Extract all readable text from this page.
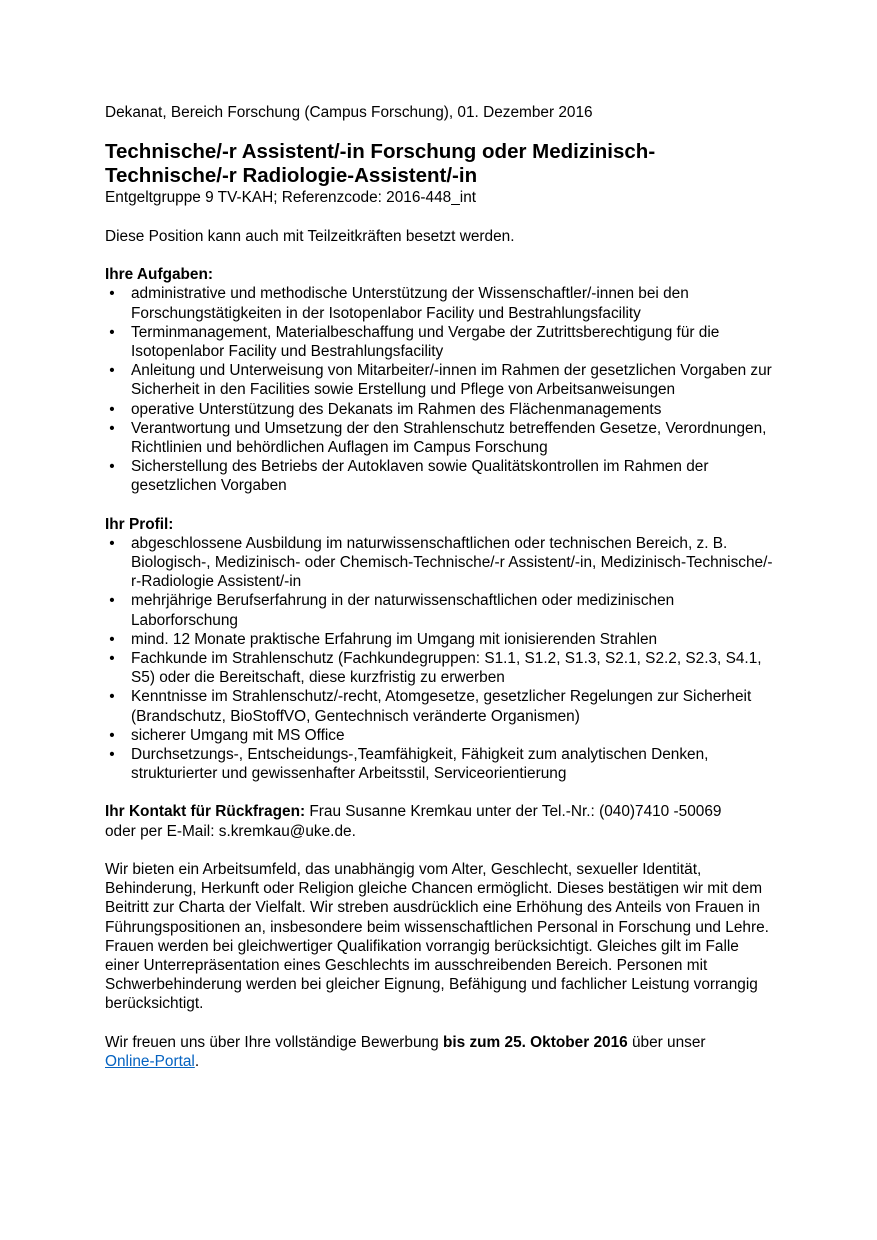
Dekanat, Bereich Forschung (Campus Forschung), 01. Dezember 2016

Technische/-r Assistent/-in Forschung oder Medizinisch-
Technische/-r Radiologie-Assistent/-in

Entgeltgruppe 9 TV-KAH; Referenzcode: 2016-448_int

Diese Position kann auch mit Teilzeitkräften besetzt werden.

Ihre Aufgaben:

• administrative und methodische Unterstützung der Wissenschaftler/-innen bei den Forschungstätigkeiten in der Isotopenlabor Facility und Bestrahlungsfacility
• Terminmanagement, Materialbeschaffung und Vergabe der Zutrittsberechtigung für die Isotopenlabor Facility und Bestrahlungsfacility
• Anleitung und Unterweisung von Mitarbeiter/-innen im Rahmen der gesetzlichen Vorgaben zur Sicherheit in den Facilities sowie Erstellung und Pflege von Arbeitsanweisungen
• operative Unterstützung des Dekanats im Rahmen des Flächenmanagements
• Verantwortung und Umsetzung der den Strahlenschutz betreffenden Gesetze, Verordnungen, Richtlinien und behördlichen Auflagen im Campus Forschung
• Sicherstellung des Betriebs der Autoklaven sowie Qualitätskontrollen im Rahmen der gesetzlichen Vorgaben

Ihr Profil:

• abgeschlossene Ausbildung im naturwissenschaftlichen oder technischen Bereich, z. B. Biologisch-, Medizinisch- oder Chemisch-Technische/-r Assistent/-in, Medizinisch-Technische/-r-Radiologie Assistent/-in
• mehrjährige Berufserfahrung in der naturwissenschaftlichen oder medizinischen Laborforschung
• mind. 12 Monate praktische Erfahrung im Umgang mit ionisierenden Strahlen
• Fachkunde im Strahlenschutz (Fachkundegruppen: S1.1, S1.2, S1.3, S2.1, S2.2, S2.3, S4.1, S5) oder die Bereitschaft, diese kurzfristig zu erwerben
• Kenntnisse im Strahlenschutz/-recht, Atomgesetze, gesetzlicher Regelungen zur Sicherheit (Brandschutz, BioStoffVO, Gentechnisch veränderte Organismen)
• sicherer Umgang mit MS Office
• Durchsetzungs-, Entscheidungs-,Teamfähigkeit, Fähigkeit zum analytischen Denken, strukturierter und gewissenhafter Arbeitsstil, Serviceorientierung

Ihr Kontakt für Rückfragen: Frau Susanne Kremkau unter der Tel.-Nr.: (040)7410 -50069
oder per E-Mail: s.kremkau@uke.de.

Wir bieten ein Arbeitsumfeld, das unabhängig vom Alter, Geschlecht, sexueller Identität, Behinderung, Herkunft oder Religion gleiche Chancen ermöglicht. Dieses bestätigen wir mit dem Beitritt zur Charta der Vielfalt. Wir streben ausdrücklich eine Erhöhung des Anteils von Frauen in Führungspositionen an, insbesondere beim wissenschaftlichen Personal in Forschung und Lehre. Frauen werden bei gleichwertiger Qualifikation vorrangig berücksichtigt. Gleiches gilt im Falle einer Unterrepräsentation eines Geschlechts im ausschreibenden Bereich. Personen mit Schwerbehinderung werden bei gleicher Eignung, Befähigung und fachlicher Leistung vorrangig berücksichtigt.

Wir freuen uns über Ihre vollständige Bewerbung bis zum 25. Oktober 2016 über unser
Online-Portal.
